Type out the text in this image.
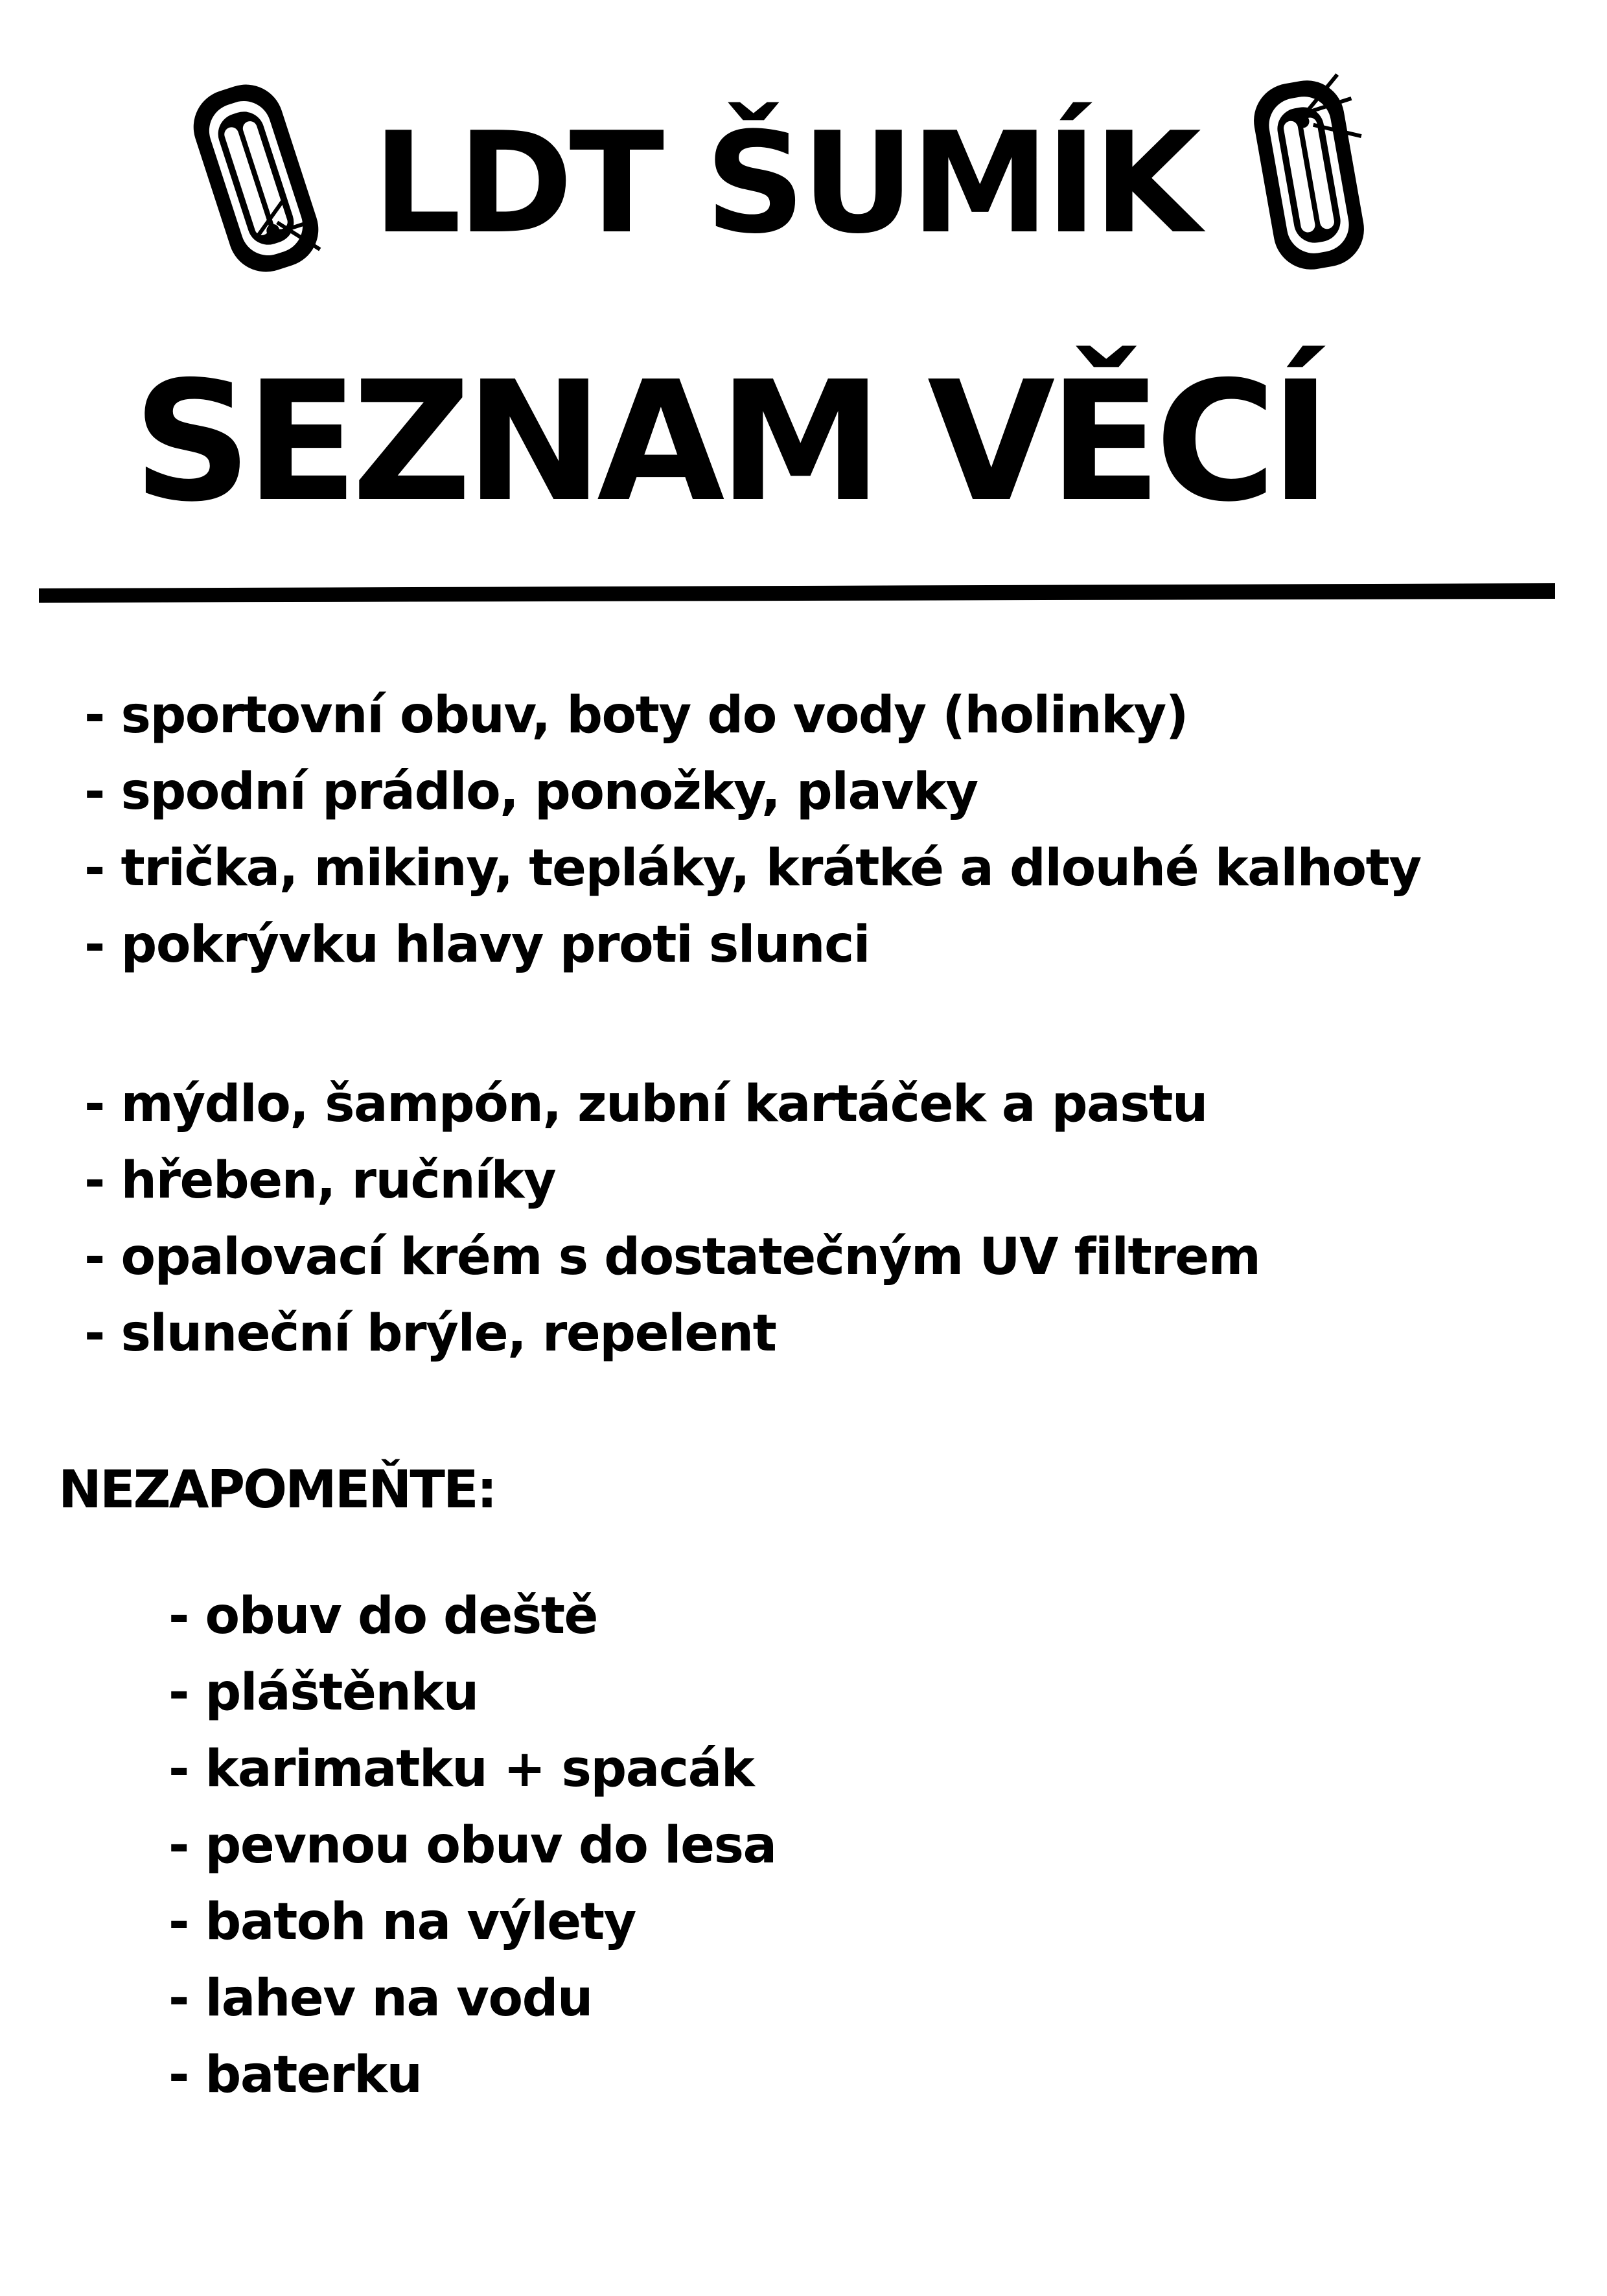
LDT ŠUMÍK
SEZNAM VĚCÍ
- sportovní obuv, boty do vody (holinky)
- spodní prádlo, ponožky, plavky
- trička, mikiny, tepláky, krátké a dlouhé kalhoty
- pokrývku hlavy proti slunci
- mýdlo, šampón, zubní kartáček a pastu
- hřeben, ručníky
- opalovací krém s dostatečným UV filtrem
- sluneční brýle, repelent
NEZAPOMEŇTE:
- obuv do deště
- pláštěnku
- karimatku + spacák
- pevnou obuv do lesa
- batoh na výlety
- lahev na vodu
- baterku
